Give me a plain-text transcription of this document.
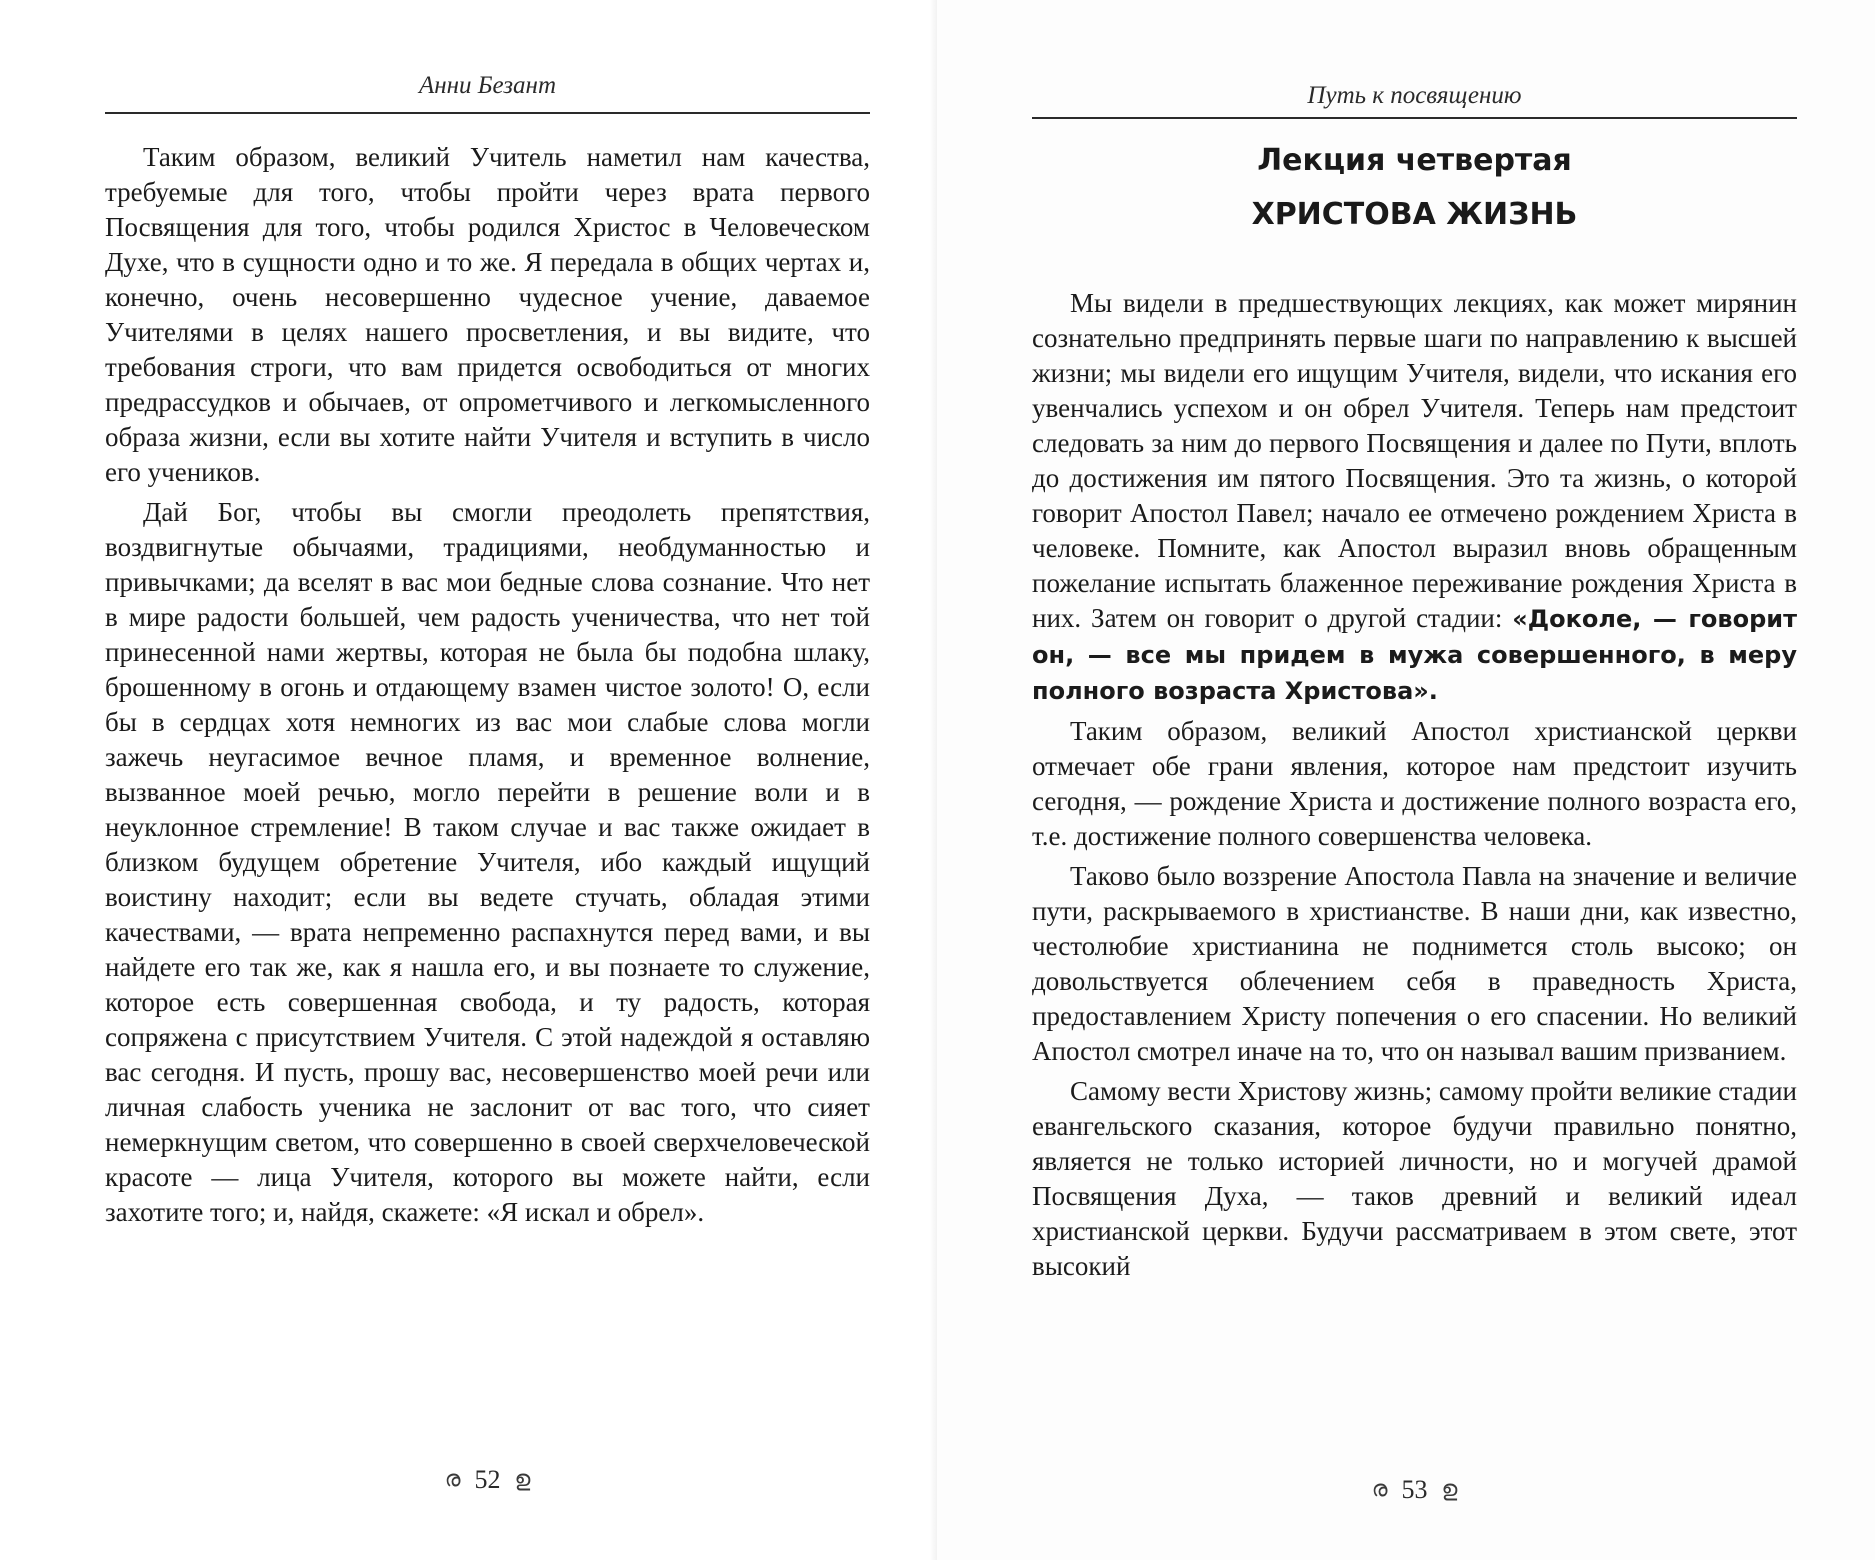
Анни Безант

Таким образом, великий Учитель наметил нам качества, требуемые для того, чтобы пройти через врата первого Посвящения для того, чтобы родился Христос в Человеческом Духе, что в сущности одно и то же. Я передала в общих чертах и, конечно, очень несовершенно чудесное учение, даваемое Учителями в целях нашего просветления, и вы видите, что требования строги, что вам придется освободиться от многих предрассудков и обычаев, от опрометчивого и легкомысленного образа жизни, если вы хотите найти Учителя и вступить в число его учеников.

Дай Бог, чтобы вы смогли преодолеть препятствия, воздвигнутые обычаями, традициями, необдуманностью и привычками; да вселят в вас мои бедные слова сознание. Что нет в мире радости большей, чем радость ученичества, что нет той принесенной нами жертвы, которая не была бы подобна шлаку, брошенному в огонь и отдающему взамен чистое золото! О, если бы в сердцах хотя немногих из вас мои слабые слова могли зажечь неугасимое вечное пламя, и временное волнение, вызванное моей речью, могло перейти в решение воли и в неуклонное стремление! В таком случае и вас также ожидает в близком будущем обретение Учителя, ибо каждый ищущий воистину находит; если вы ведете стучать, обладая этими качествами, — врата непременно распахнутся перед вами, и вы найдете его так же, как я нашла его, и вы познаете то служение, которое есть совершенная свобода, и ту радость, которая сопряжена с присутствием Учителя. С этой надеждой я оставляю вас сегодня. И пусть, прошу вас, несовершенство моей речи или личная слабость ученика не заслонит от вас того, что сияет немеркнущим светом, что совершенно в своей сверхчеловеческой красоте — лица Учителя, которого вы можете найти, если захотите того; и, найдя, скажете: «Я искал и обрел».

ര 52 ഉ
Путь к посвящению
Лекция четвертая
ХРИСТОВА ЖИЗНЬ

Мы видели в предшествующих лекциях, как может мирянин сознательно предпринять первые шаги по направлению к высшей жизни; мы видели его ищущим Учителя, видели, что искания его увенчались успехом и он обрел Учителя. Теперь нам предстоит следовать за ним до первого Посвящения и далее по Пути, вплоть до достижения им пятого Посвящения. Это та жизнь, о которой говорит Апостол Павел; начало ее отмечено рождением Христа в человеке. Помните, как Апостол выразил вновь обращенным пожелание испытать блаженное переживание рождения Христа в них. Затем он говорит о другой стадии: «Доколе, — говорит он, — все мы придем в мужа совершенного, в меру полного возраста Христова».

Таким образом, великий Апостол христианской церкви отмечает обе грани явления, которое нам предстоит изучить сегодня, — рождение Христа и достижение полного возраста его, т.е. достижение полного совершенства человека.

Таково было воззрение Апостола Павла на значение и величие пути, раскрываемого в христианстве. В наши дни, как известно, честолюбие христианина не поднимется столь высоко; он довольствуется облечением себя в праведность Христа, предоставлением Христу попечения о его спасении. Но великий Апостол смотрел иначе на то, что он называл вашим призванием.

Самому вести Христову жизнь; самому пройти великие стадии евангельского сказания, которое будучи правильно понятно, является не только историей личности, но и могучей драмой Посвящения Духа, — таков древний и великий идеал христианской церкви. Будучи рассматриваем в этом свете, этот высокий

ര 53 ഉ
